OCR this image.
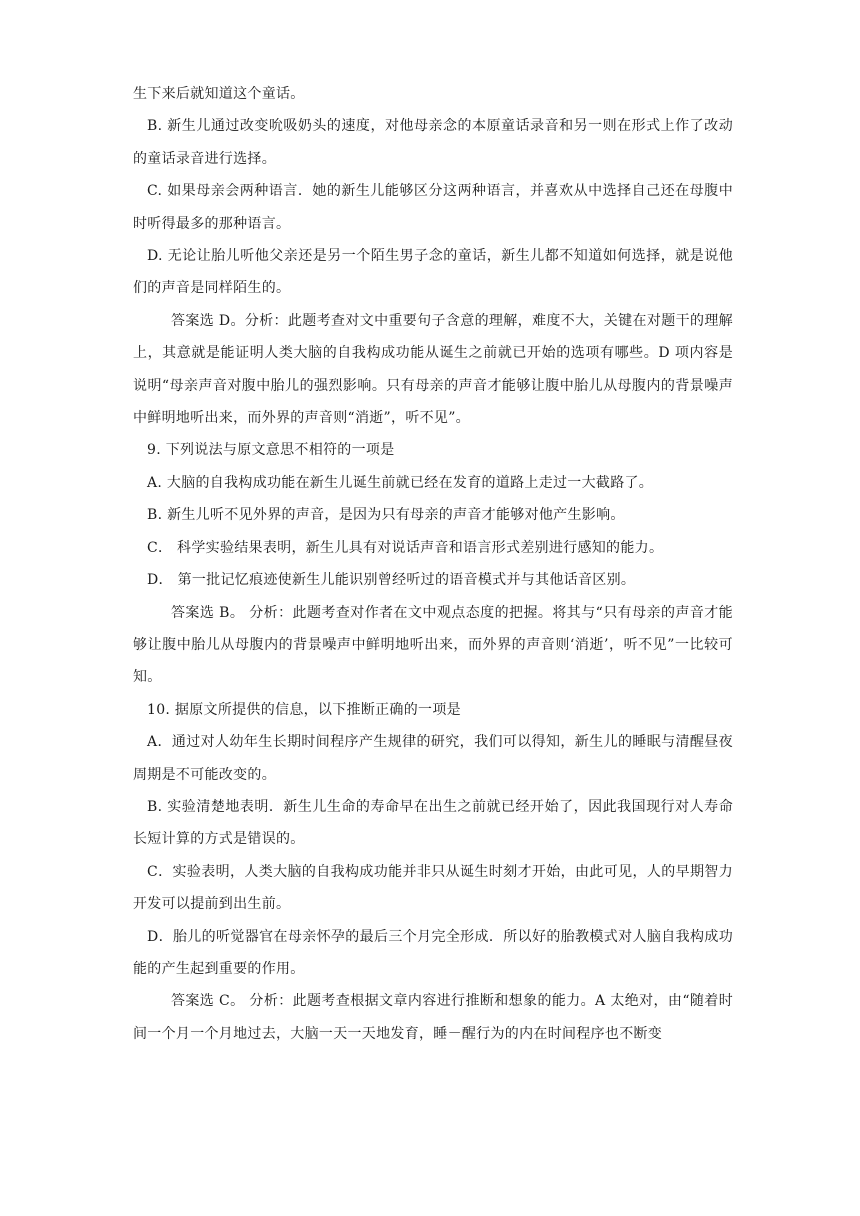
生下来后就知道这个童话。

B. 新生儿通过改变吮吸奶头的速度，对他母亲念的本原童话录音和另一则在形式上作了改动的童话录音进行选择。

C. 如果母亲会两种语言．她的新生儿能够区分这两种语言，并喜欢从中选择自己还在母腹中时听得最多的那种语言。

D. 无论让胎儿听他父亲还是另一个陌生男子念的童话，新生儿都不知道如何选择，就是说他们的声音是同样陌生的。

答案选 D。分析：此题考查对文中重要句子含意的理解，难度不大，关键在对题干的理解上，其意就是能证明人类大脑的自我构成功能从诞生之前就已开始的选项有哪些。D 项内容是说明“母亲声音对腹中胎儿的强烈影响。只有母亲的声音才能够让腹中胎儿从母腹内的背景噪声中鲜明地听出来，而外界的声音则“消逝”，听不见”。

9. 下列说法与原文意思不相符的一项是

A. 大脑的自我构成功能在新生儿诞生前就已经在发育的道路上走过一大截路了。

B. 新生儿听不见外界的声音，是因为只有母亲的声音才能够对他产生影响。

C． 科学实验结果表明，新生儿具有对说话声音和语言形式差别进行感知的能力。

D． 第一批记忆痕迹使新生儿能识别曾经听过的语音模式并与其他话音区别。

答案选 B。 分析：此题考查对作者在文中观点态度的把握。将其与“只有母亲的声音才能够让腹中胎儿从母腹内的背景噪声中鲜明地听出来，而外界的声音则‘消逝’，听不见”一比较可知。

10. 据原文所提供的信息，以下推断正确的一项是

A．通过对人幼年生长期时间程序产生规律的研究，我们可以得知，新生儿的睡眠与清醒昼夜周期是不可能改变的。

B. 实验清楚地表明．新生儿生命的寿命早在出生之前就已经开始了，因此我国现行对人寿命长短计算的方式是错误的。

C．实验表明，人类大脑的自我构成功能并非只从诞生时刻才开始，由此可见，人的早期智力开发可以提前到出生前。

D．胎儿的听觉器官在母亲怀孕的最后三个月完全形成．所以好的胎教模式对人脑自我构成功能的产生起到重要的作用。

答案选 C。 分析：此题考查根据文章内容进行推断和想象的能力。A 太绝对，由“随着时间一个月一个月地过去，大脑一天一天地发育，睡－醒行为的内在时间程序也不断变
